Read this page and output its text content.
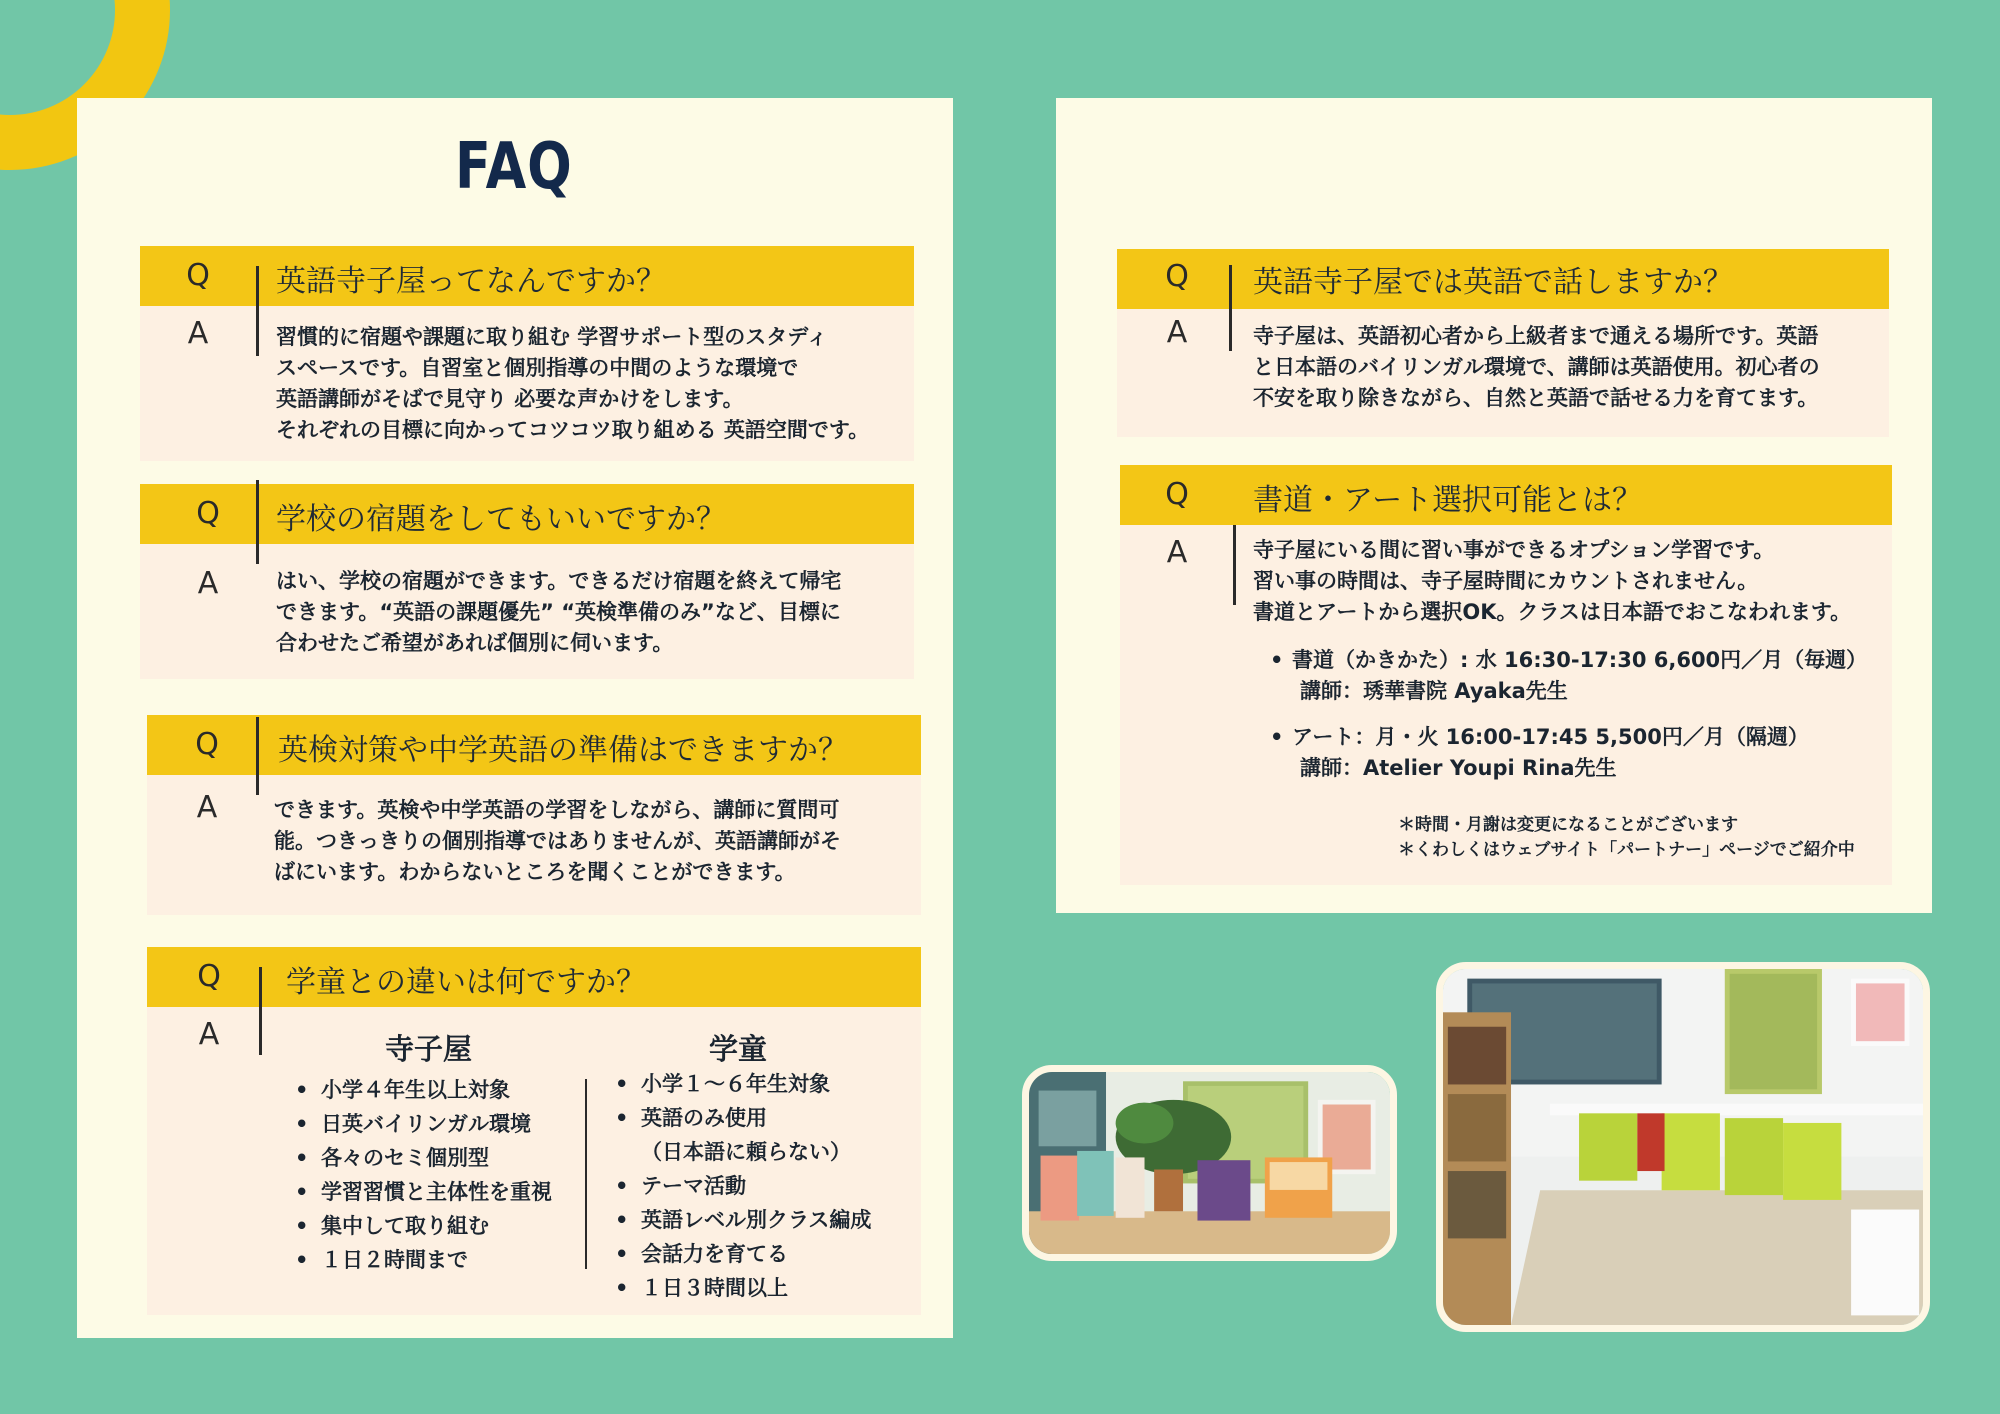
FAQ
Q
A
英語寺子屋ってなんですか？

習慣的に宿題や課題に取り組む 学習サポート型のスタディ
スペースです。自習室と個別指導の中間のような環境で
英語講師がそばで見守り 必要な声かけをします。
それぞれの目標に向かってコツコツ取り組める 英語空間です。

Q
A
学校の宿題をしてもいいですか？

はい、学校の宿題ができます。できるだけ宿題を終えて帰宅
できます。“英語の課題優先” “英検準備のみ”など、目標に
合わせたご希望があれば個別に伺います。

Q
A
英検対策や中学英語の準備はできますか？

できます。英検や中学英語の学習をしながら、講師に質問可
能。つきっきりの個別指導ではありませんが、英語講師がそ
ばにいます。わからないところを聞くことができます。

Q
A
学童との違いは何ですか？
寺子屋
• 小学４年生以上対象
• 日英バイリンガル環境
• 各々のセミ個別型
• 学習習慣と主体性を重視
• 集中して取り組む
• １日２時間まで
学童
• 小学１〜６年生対象
• 英語のみ使用
（日本語に頼らない）
• テーマ活動
• 英語レベル別クラス編成
• 会話力を育てる
• １日３時間以上
Q
A
英語寺子屋では英語で話しますか？

寺子屋は、英語初心者から上級者まで通える場所です。英語
と日本語のバイリンガル環境で、講師は英語使用。初心者の
不安を取り除きながら、自然と英語で話せる力を育てます。

Q
A
書道・アート選択可能とは？

寺子屋にいる間に習い事ができるオプション学習です。
習い事の時間は、寺子屋時間にカウントされません。
書道とアートから選択OK。クラスは日本語でおこなわれます。

• 書道（かきかた）: 水 16:30-17:30 6,600円／月（毎週）
講師：琇華書院 Ayaka先生
• アート：月・火 16:00-17:45 5,500円／月（隔週）
講師：Atelier Youpi Rina先生

＊時間・月謝は変更になることがございます
＊くわしくはウェブサイト「パートナー」ページでご紹介中
